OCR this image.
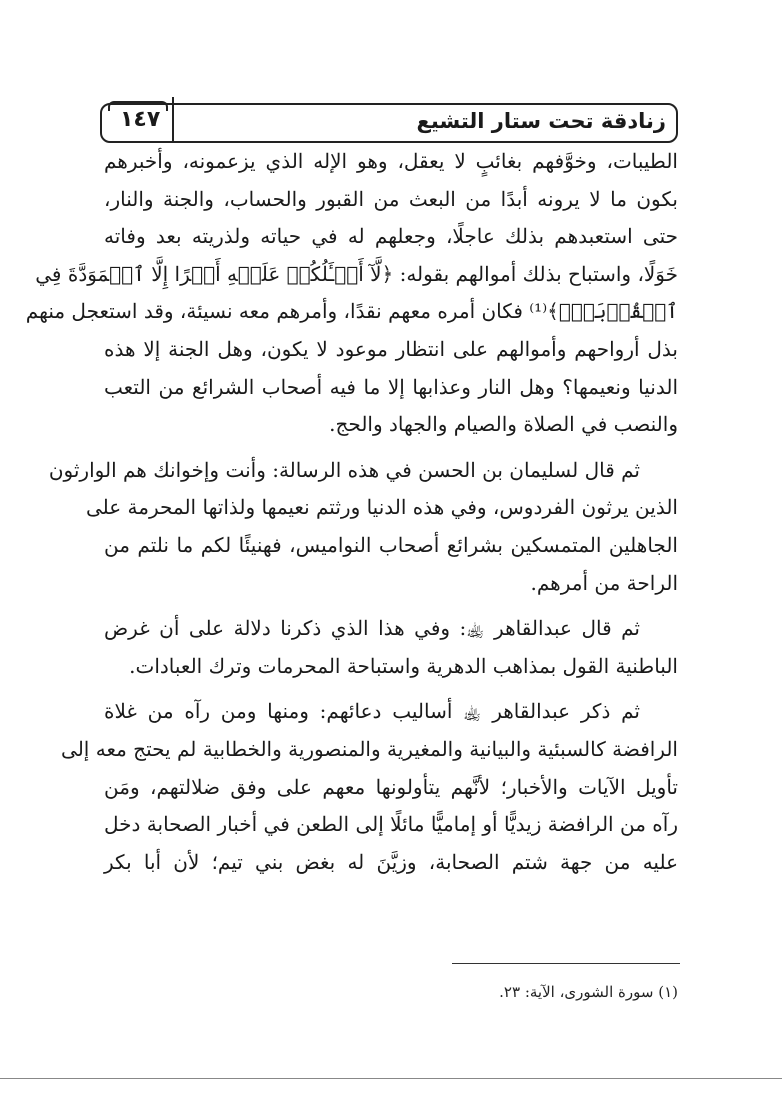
١٤٧	زنادقة تحت ستار التشيع

الطيبات، وخوَّفهم بغائبٍ لا يعقل، وهو الإله الذي يزعمونه، وأخبرهم
بكون ما لا يرونه أبدًا من البعث من القبور والحساب، والجنة والنار،
حتى استعبدهم بذلك عاجلًا، وجعلهم له في حياته ولذريته بعد وفاته
خَوَلًا، واستباح بذلك أموالهم بقوله: ﴿لَّآ أَسۡـَٔلُكُمۡ عَلَيۡهِ أَجۡرًا إِلَّا ٱلۡمَوَدَّةَ فِي
ٱلۡقُرۡبَىٰۗ﴾⁽¹⁾ فكان أمره معهم نقدًا، وأمرهم معه نسيئة، وقد استعجل منهم
بذل أرواحهم وأموالهم على انتظار موعود لا يكون، وهل الجنة إلا هذه
الدنيا ونعيمها؟ وهل النار وعذابها إلا ما فيه أصحاب الشرائع من التعب
والنصب في الصلاة والصيام والجهاد والحج.

ثم قال لسليمان بن الحسن في هذه الرسالة: وأنت وإخوانك هم الوارثون
الذين يرثون الفردوس، وفي هذه الدنيا ورثتم نعيمها ولذاتها المحرمة على
الجاهلين المتمسكين بشرائع أصحاب النواميس، فهنيئًا لكم ما نلتم من
الراحة من أمرهم.

ثم قال عبدالقاهر ﵀: وفي هذا الذي ذكرنا دلالة على أن غرض
الباطنية القول بمذاهب الدهرية واستباحة المحرمات وترك العبادات.

ثم ذكر عبدالقاهر ﵀ أساليب دعائهم: ومنها ومن رآه من غلاة
الرافضة كالسبئية والبيانية والمغيرية والمنصورية والخطابية لم يحتج معه إلى
تأويل الآيات والأخبار؛ لأنَّهم يتأولونها معهم على وفق ضلالتهم، ومَن
رآه من الرافضة زيديًّا أو إماميًّا مائلًا إلى الطعن في أخبار الصحابة دخل
عليه من جهة شتم الصحابة، وزيَّنَ له بغض بني تيم؛ لأن أبا بكر

(١) سورة الشورى، الآية: ٢٣.
